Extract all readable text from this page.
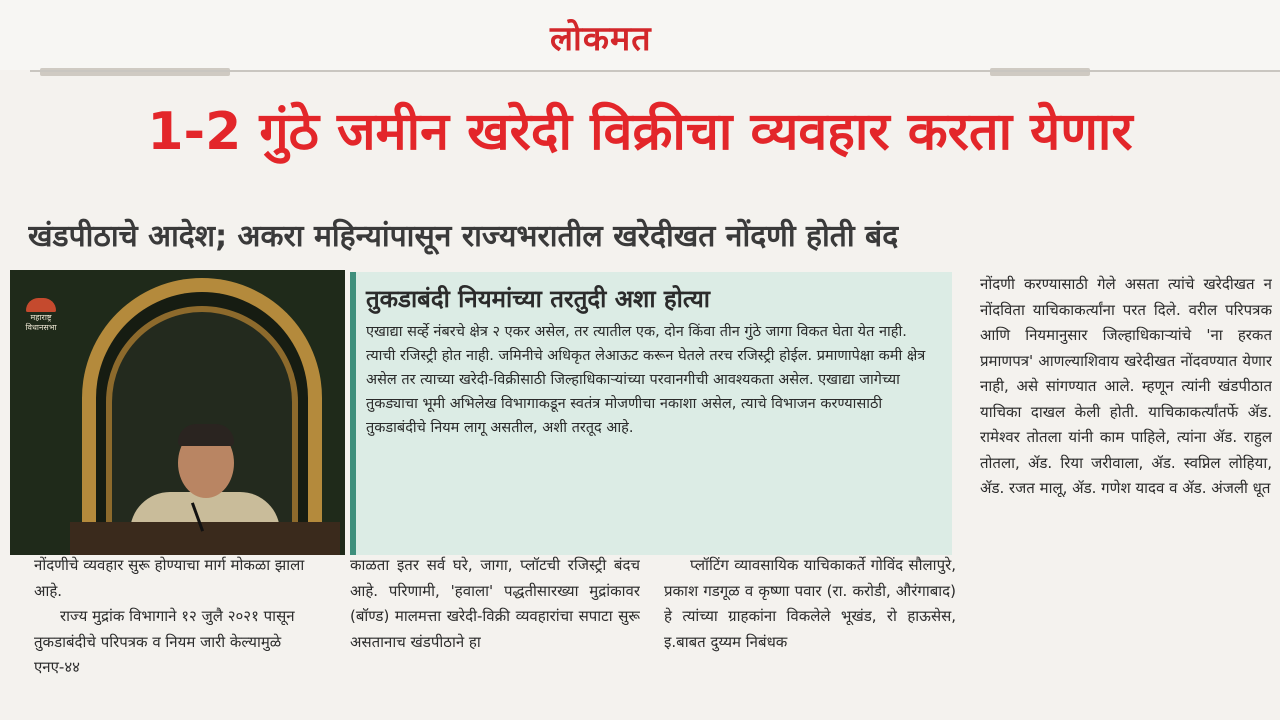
लोकमत
1-2 गुंठे जमीन खरेदी विक्रीचा व्यवहार करता येणार
खंडपीठाचे आदेश; अकरा महिन्यांपासून राज्यभरातील खरेदीखत नोंदणी होती बंद
महाराष्ट्र
विधानसभा
तुकडाबंदी नियमांच्या तरतुदी अशा होत्या
एखाद्या सर्व्हे नंबरचे क्षेत्र २ एकर असेल, तर त्यातील एक, दोन किंवा तीन गुंठे जागा विकत घेता येत नाही. त्याची रजिस्ट्री होत नाही. जमिनीचे अधिकृत लेआऊट करून घेतले तरच रजिस्ट्री होईल. प्रमाणापेक्षा कमी क्षेत्र असेल तर त्याच्या खरेदी-विक्रीसाठी जिल्हाधिकाऱ्यांच्या परवानगीची आवश्यकता असेल. एखाद्या जागेच्या तुकड्याचा भूमी अभिलेख विभागाकडून स्वतंत्र मोजणीचा नकाशा असेल, त्याचे विभाजन करण्यासाठी तुकडाबंदीचे नियम लागू असतील, अशी तरतूद आहे.
नोंदणी करण्यासाठी गेले असता त्यांचे खरेदीखत न नोंदविता याचिकाकर्त्यांना परत दिले. वरील परिपत्रक आणि नियमानुसार जिल्हाधिकाऱ्यांचे 'ना हरकत प्रमाणपत्र' आणल्याशिवाय खरेदीखत नोंदवण्यात येणार नाही, असे सांगण्यात आले. म्हणून त्यांनी खंडपीठात याचिका दाखल केली होती. याचिकाकर्त्यांतर्फे ॲड. रामेश्वर तोतला यांनी काम पाहिले, त्यांना ॲड. राहुल तोतला, ॲड. रिया जरीवाला, ॲड. स्वप्निल लोहिया, ॲड. रजत मालू, ॲड. गणेश यादव व ॲड. अंजली धूत
नोंदणीचे व्यवहार सुरू होण्याचा मार्ग मोकळा झाला आहे.
राज्य मुद्रांक विभागाने १२ जुलै २०२१ पासून तुकडाबंदीचे परिपत्रक व नियम जारी केल्यामुळे एनए-४४
काळता इतर सर्व घरे, जागा, प्लॉटची रजिस्ट्री बंदच आहे. परिणामी, 'हवाला' पद्धतीसारख्या मुद्रांकावर (बॉण्ड) मालमत्ता खरेदी-विक्री व्यवहारांचा सपाटा सुरू असतानाच खंडपीठाने हा
प्लॉटिंग व्यावसायिक याचिकाकर्ते गोविंद सौलापुरे, प्रकाश गडगूळ व कृष्णा पवार (रा. करोडी, औरंगाबाद) हे त्यांच्या ग्राहकांना विकलेले भूखंड, रो हाऊसेस, इ.बाबत दुय्यम निबंधक
